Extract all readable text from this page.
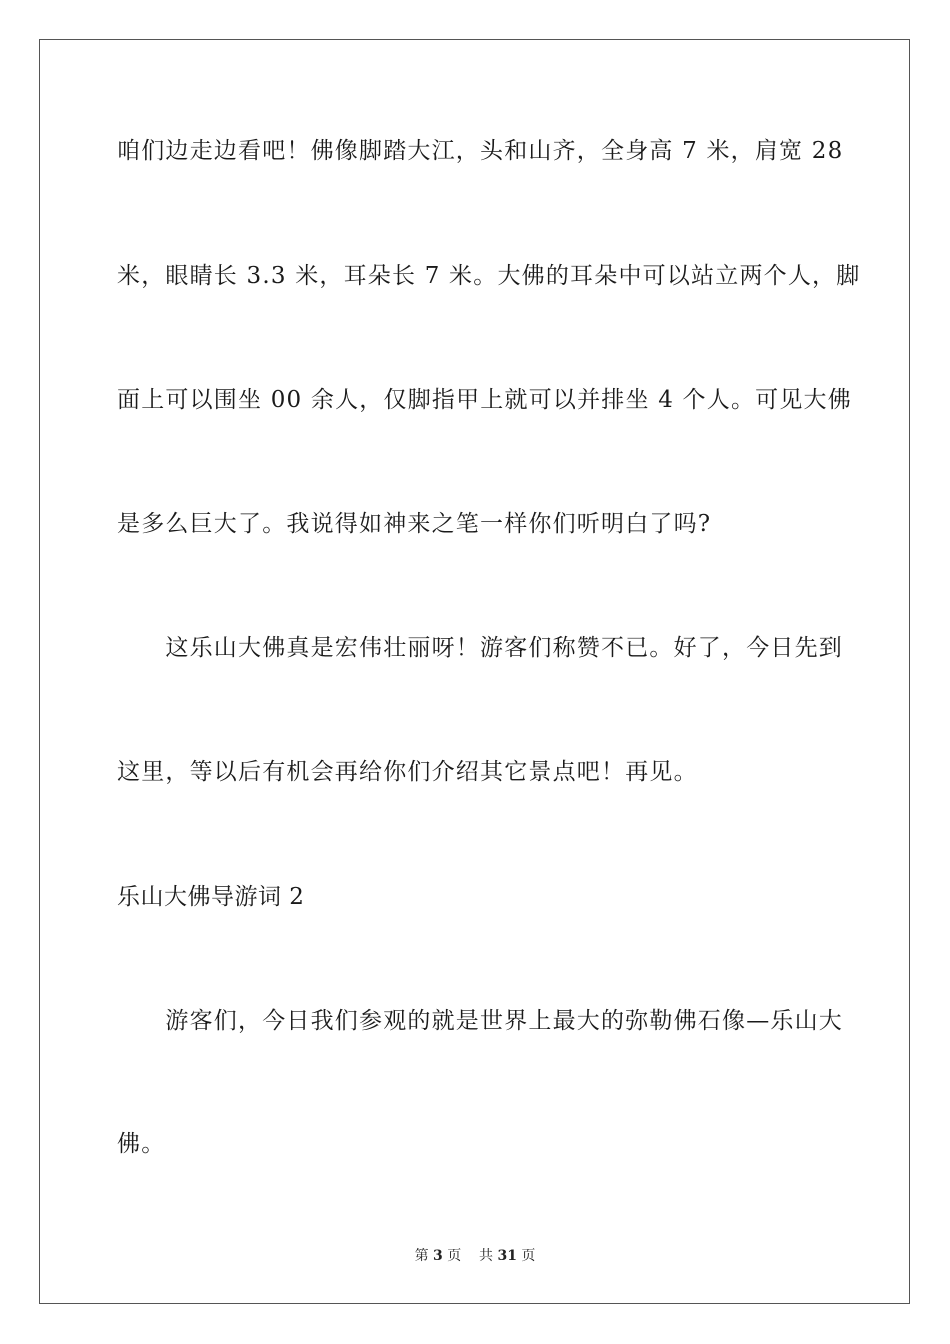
咱们边走边看吧！佛像脚踏大江，头和山齐，全身高 7 米，肩宽 28
米，眼睛长 3.3 米，耳朵长 7 米。大佛的耳朵中可以站立两个人，脚
面上可以围坐 00 余人，仅脚指甲上就可以并排坐 4 个人。可见大佛
是多么巨大了。我说得如神来之笔一样你们听明白了吗?
　　这乐山大佛真是宏伟壮丽呀！游客们称赞不已。好了，今日先到
这里，等以后有机会再给你们介绍其它景点吧！再见。
乐山大佛导游词 2
　　游客们，今日我们参观的就是世界上最大的弥勒佛石像—乐山大
佛。
第 3 页 共 31 页
